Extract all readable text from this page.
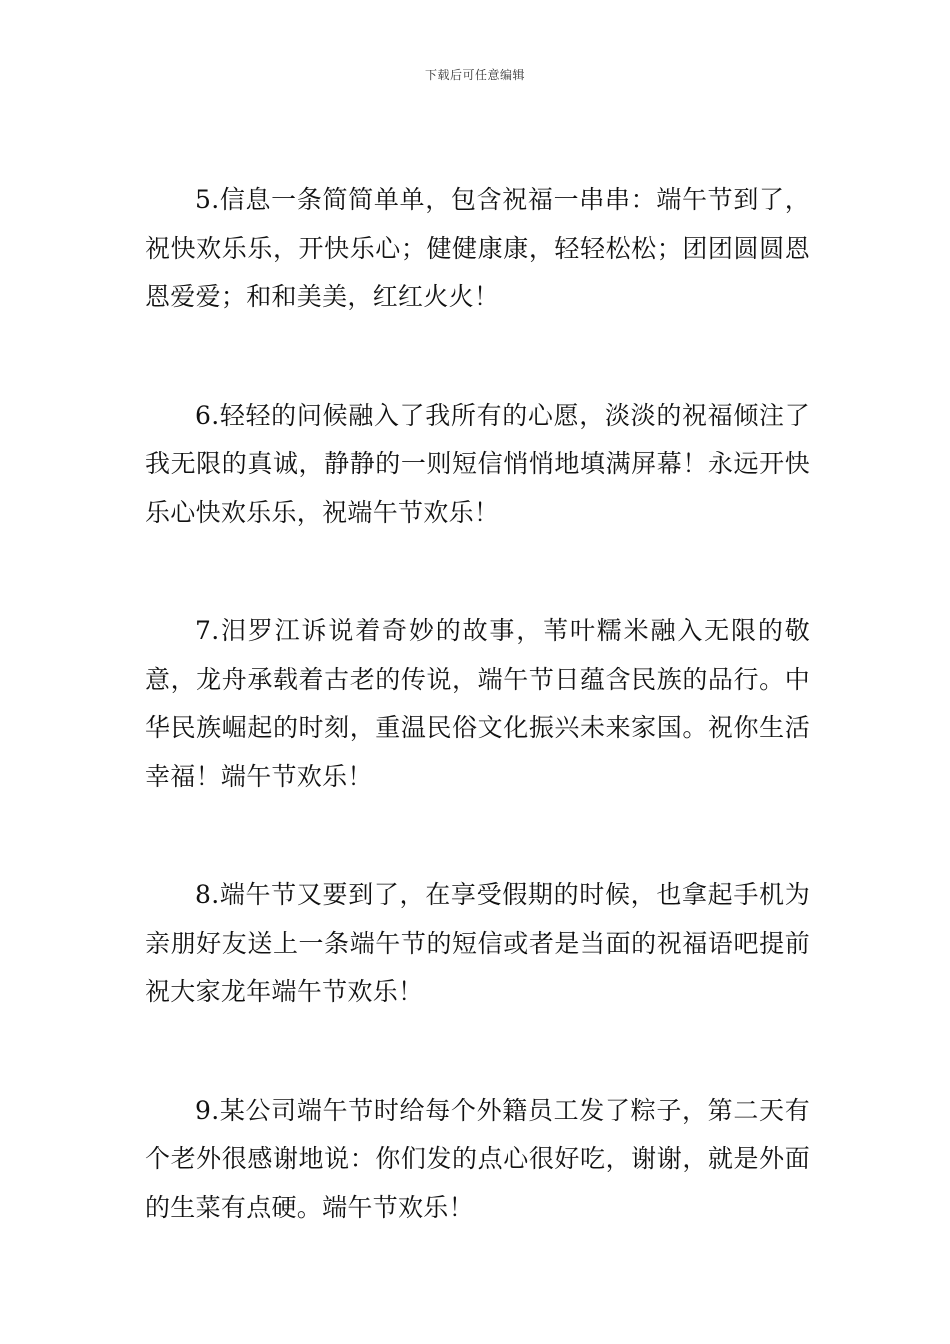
下载后可任意编辑

5.信息一条简简单单，包含祝福一串串：端午节到了，祝快欢乐乐，开快乐心；健健康康，轻轻松松；团团圆圆恩恩爱爱；和和美美，红红火火！

6.轻轻的问候融入了我所有的心愿，淡淡的祝福倾注了我无限的真诚，静静的一则短信悄悄地填满屏幕！永远开快乐心快欢乐乐，祝端午节欢乐！

7.汨罗江诉说着奇妙的故事，苇叶糯米融入无限的敬意，龙舟承载着古老的传说，端午节日蕴含民族的品行。中华民族崛起的时刻，重温民俗文化振兴未来家国。祝你生活幸福！端午节欢乐！

8.端午节又要到了，在享受假期的时候，也拿起手机为亲朋好友送上一条端午节的短信或者是当面的祝福语吧提前祝大家龙年端午节欢乐！

9.某公司端午节时给每个外籍员工发了粽子，第二天有个老外很感谢地说：你们发的点心很好吃，谢谢，就是外面的生菜有点硬。端午节欢乐！
